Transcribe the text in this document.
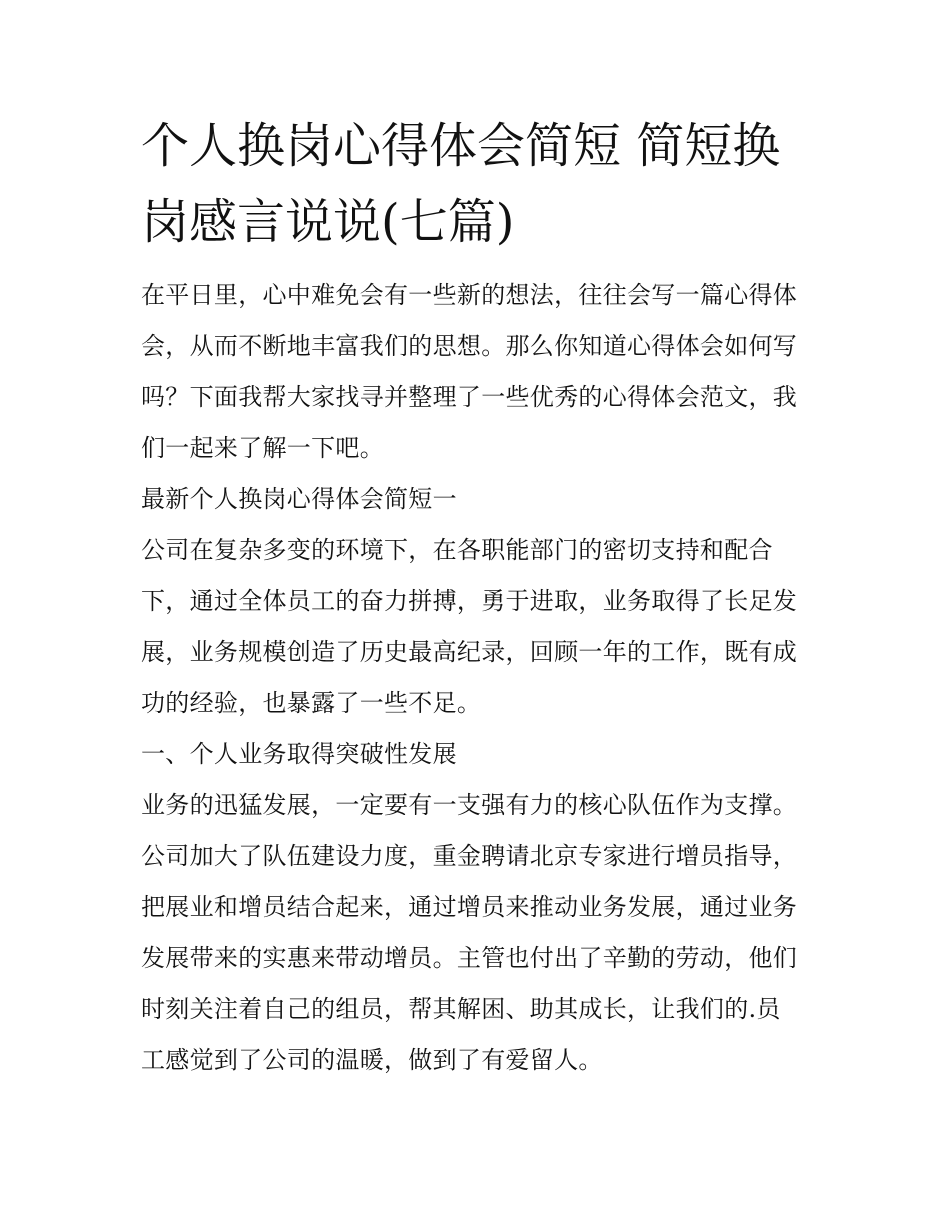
个人换岗心得体会简短 简短换
岗感言说说(七篇)
在平日里，心中难免会有一些新的想法，往往会写一篇心得体
会，从而不断地丰富我们的思想。那么你知道心得体会如何写
吗？下面我帮大家找寻并整理了一些优秀的心得体会范文，我
们一起来了解一下吧。
最新个人换岗心得体会简短一
公司在复杂多变的环境下，在各职能部门的密切支持和配合
下，通过全体员工的奋力拼搏，勇于进取，业务取得了长足发
展，业务规模创造了历史最高纪录，回顾一年的工作，既有成
功的经验，也暴露了一些不足。
一、个人业务取得突破性发展
业务的迅猛发展，一定要有一支强有力的核心队伍作为支撑。
公司加大了队伍建设力度，重金聘请北京专家进行增员指导，
把展业和增员结合起来，通过增员来推动业务发展，通过业务
发展带来的实惠来带动增员。主管也付出了辛勤的劳动，他们
时刻关注着自己的组员，帮其解困、助其成长，让我们的.员
工感觉到了公司的温暖，做到了有爱留人。
